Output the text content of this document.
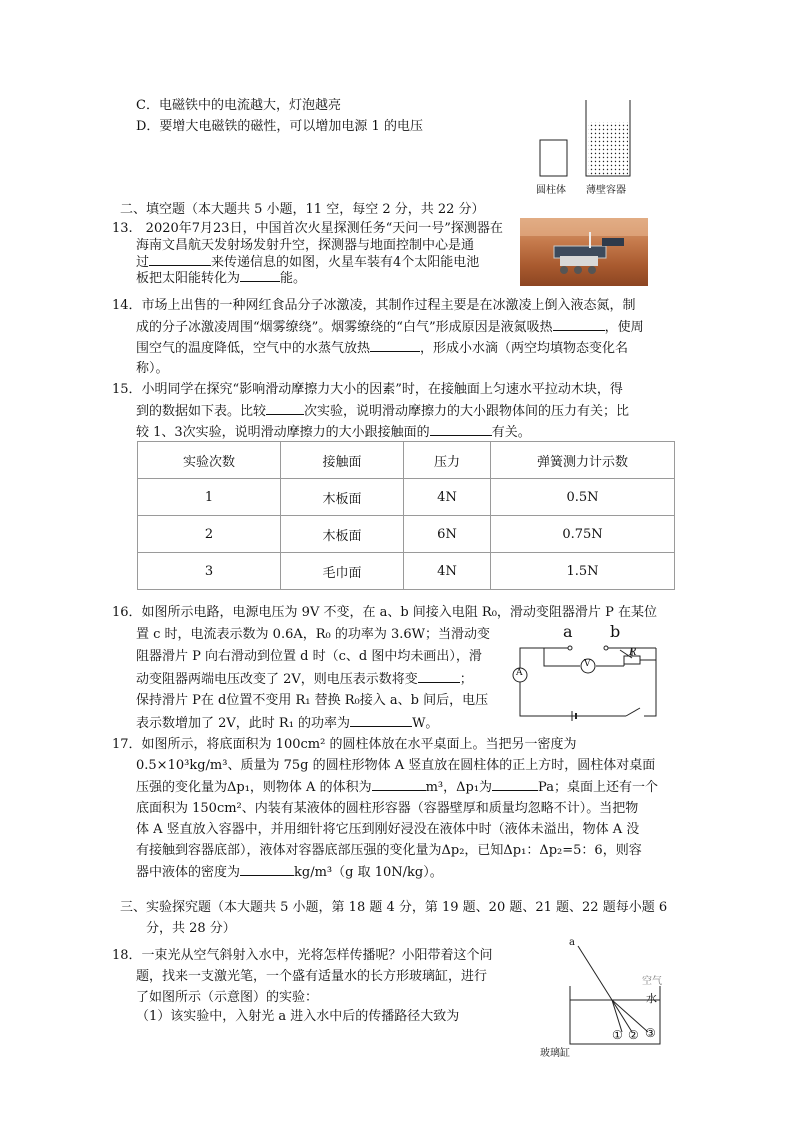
C．电磁铁中的电流越大，灯泡越亮
D．要增大电磁铁的磁性，可以增加电源 1 的电压
圆柱体 薄壁容器
二、填空题（本大题共 5 小题，11 空，每空 2 分，共 22 分）
13.　2020年7月23日，中国首次火星探测任务“天问一号”探测器在
海南文昌航天发射场发射升空，探测器与地面控制中心是通
过	来传递信息的如图，火星车装有4个太阳能电池
板把太阳能转化为	能。
14．市场上出售的一种网红食品分子冰激凌，其制作过程主要是在冰激凌上倒入液态氮，制
成的分子冰激凌周围“烟雾缭绕”。烟雾缭绕的“白气”形成原因是液氮吸热	，使周
围空气的温度降低，空气中的水蒸气放热	，形成小水滴（两空均填物态变化名
称）。
15．小明同学在探究“影响滑动摩擦力大小的因素”时，在接触面上匀速水平拉动木块，得
到的数据如下表。比较	次实验，说明滑动摩擦力的大小跟物体间的压力有关；比
较 1、3次实验，说明滑动摩擦力的大小跟接触面的	有关。
实验次数	接触面	压力	弹簧测力计示数
1	木板面	4N	0.5N
2	木板面	6N	0.75N
3	毛巾面	4N	1.5N
16．如图所示电路，电源电压为 9V 不变，在 a、b 间接入电阻 R₀，滑动变阻器滑片 P 在某位
置 c 时，电流表示数为 0.6A，R₀ 的功率为 3.6W；当滑动变
阻器滑片 P 向右滑动到位置 d 时（c、d 图中均未画出），滑
动变阻器两端电压改变了 2V，则电压表示数将变	；
保持滑片 P在 d位置不变用 R₁ 替换 R₀接入 a、b 间后，电压
表示数增加了 2V，此时 R₁ 的功率为	W。
a b
R
V
A
17．如图所示，将底面积为 100cm² 的圆柱体放在水平桌面上。当把另一密度为
0.5×10³kg/m³、质量为 75g 的圆柱形物体 A 竖直放在圆柱体的正上方时，圆柱体对桌面
压强的变化量为Δp₁，则物体 A 的体积为	m³，Δp₁为	Pa；桌面上还有一个
底面积为 150cm²、内装有某液体的圆柱形容器（容器壁厚和质量均忽略不计）。当把物
体 A 竖直放入容器中，并用细针将它压到刚好浸没在液体中时（液体未溢出，物体 A 没
有接触到容器底部），液体对容器底部压强的变化量为Δp₂，已知Δp₁：Δp₂=5：6，则容
器中液体的密度为	kg/m³（g 取 10N/kg）。
三、实验探究题（本大题共 5 小题，第 18 题 4 分，第 19 题、20 题、21 题、22 题每小题 6
分，共 28 分）
18．一束光从空气斜射入水中，光将怎样传播呢？小阳带着这个问
题，找来一支激光笔，一个盛有适量水的长方形玻璃缸，进行
了如图所示（示意图）的实验：
（1）该实验中，入射光 a 进入水中后的传播路径大致为
a
空气
水
① ② ③
玻璃缸
